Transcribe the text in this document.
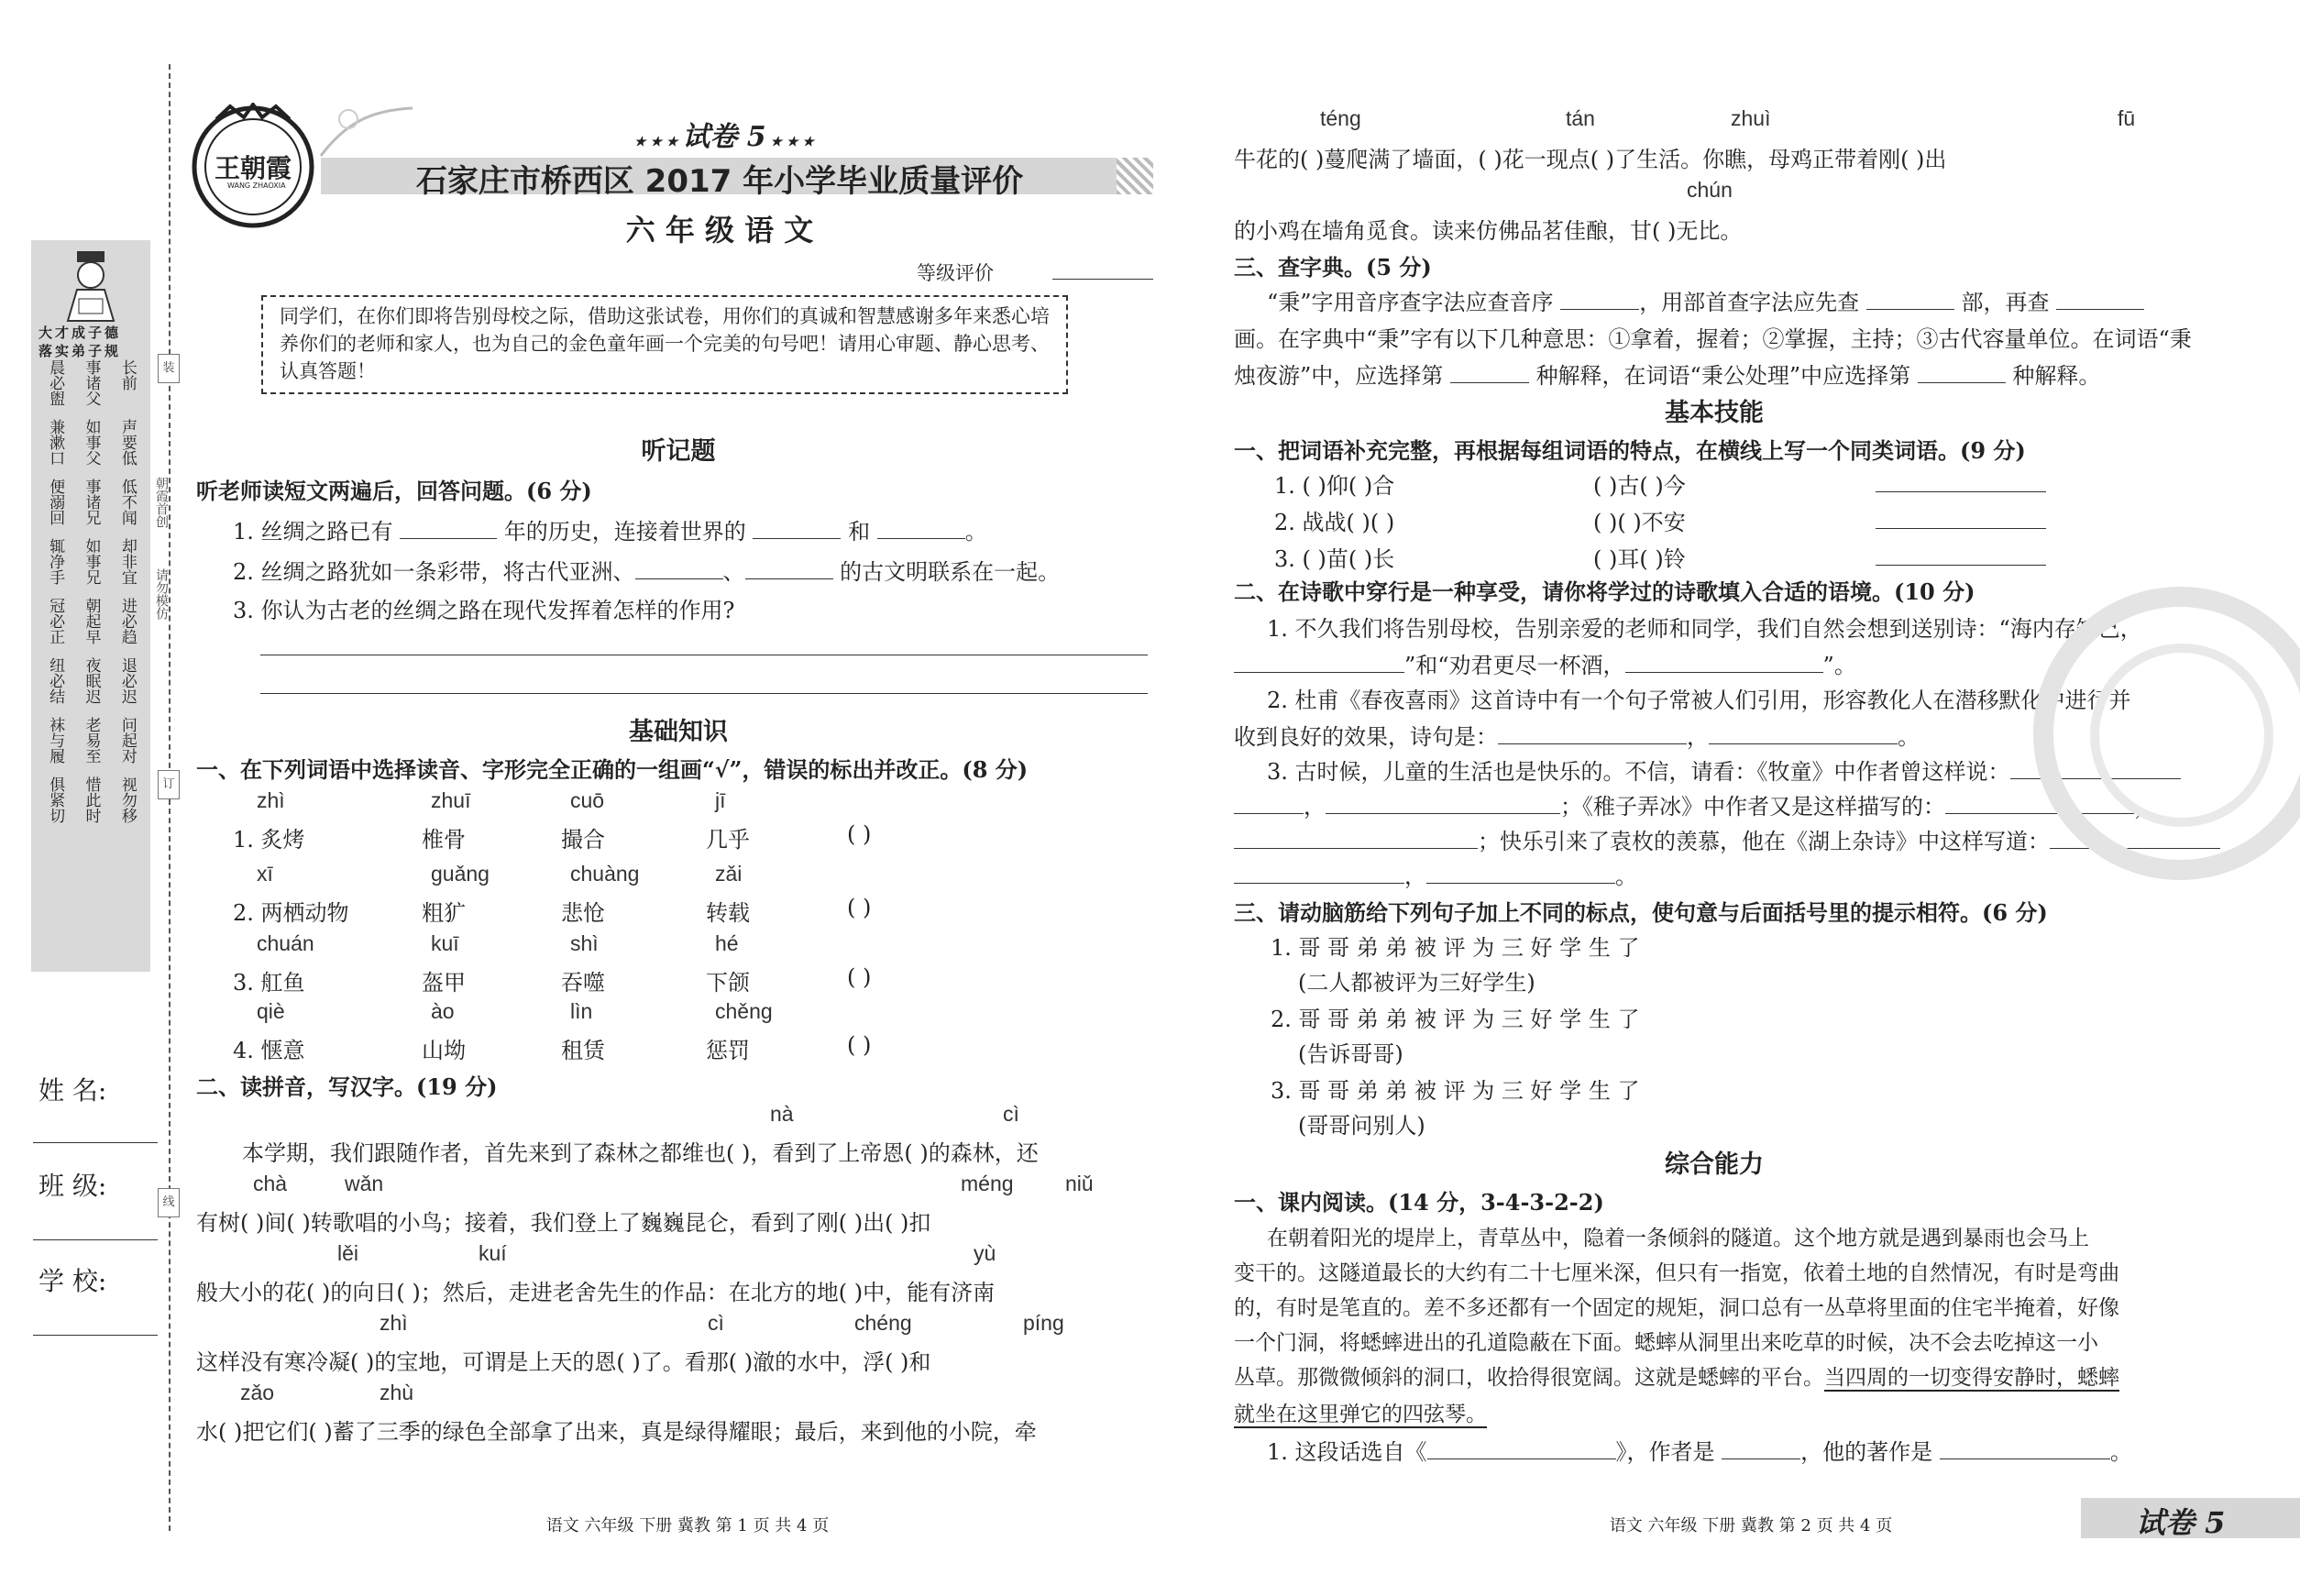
大才成子德
落实弟子规
晨必盥 事诸父 长前
兼漱口 如事父 声要低
便溺回 事诸兄 低不闻
辄净手 如事兄 却非宜
冠必正 朝起早 进必趋
纽必结 夜眠迟 退必迟
袜与履 老易至 问起对
俱紧切 惜此时 视勿移
朝霞首创
请勿模仿
装
订
线
姓 名:
班 级:
学 校:
王朝霞
WANG ZHAOXIA
★ ★ ★ 试卷 5 ★ ★ ★
石家庄市桥西区 2017 年小学毕业质量评价
六 年 级 语 文
等级评价
同学们，在你们即将告别母校之际，借助这张试卷，用你们的真诚和智慧感谢多年来悉心培养你们的老师和家人，也为自己的金色童年画一个完美的句号吧！请用心审题、静心思考、认真答题！
听记题
听老师读短文两遍后，回答问题。(6 分)
1. 丝绸之路已有	年的历史，连接着世界的	和	。
2. 丝绸之路犹如一条彩带，将古代亚洲、	、	的古文明联系在一起。
3. 你认为古老的丝绸之路在现代发挥着怎样的作用?
基础知识
一、在下列词语中选择读音、字形完全正确的一组画“√”，错误的标出并改正。(8 分)
二、读拼音，写汉字。(19 分)
三、查字典。(5 分)
“秉”字用音序查字法应查音序	，用部首查字法应先查	部，再查
画。在字典中“秉”字有以下几种意思：①拿着，握着；②掌握，主持；③古代容量单位。在词语“秉
烛夜游”中，应选择第	种解释，在词语“秉公处理”中应选择第	种解释。
基本技能
一、把词语补充完整，再根据每组词语的特点，在横线上写一个同类词语。(9 分)
二、在诗歌中穿行是一种享受，请你将学过的诗歌填入合适的语境。(10 分)
1. 不久我们将告别母校，告别亲爱的老师和同学，我们自然会想到送别诗：“海内存知己，
”和“劝君更尽一杯酒，	”。
2. 杜甫《春夜喜雨》这首诗中有一个句子常被人们引用，形容教化人在潜移默化中进行并
收到良好的效果，诗句是：	，	。
3. 古时候，儿童的生活也是快乐的。不信，请看：《牧童》中作者曾这样说：
，	；《稚子弄冰》中作者又是这样描写的：	，
；快乐引来了袁枚的羡慕，他在《湖上杂诗》中这样写道：
，	。
三、请动脑筋给下列句子加上不同的标点，使句意与后面括号里的提示相符。(6 分)
综合能力
一、课内阅读。(14 分，3-4-3-2-2)
在朝着阳光的堤岸上，青草丛中，隐着一条倾斜的隧道。这个地方就是遇到暴雨也会马上
变干的。这隧道最长的大约有二十七厘米深，但只有一指宽，依着土地的自然情况，有时是弯曲
的，有时是笔直的。差不多还都有一个固定的规矩，洞口总有一丛草将里面的住宅半掩着，好像
一个门洞，将蟋蟀进出的孔道隐蔽在下面。蟋蟀从洞里出来吃草的时候，决不会去吃掉这一小
丛草。那微微倾斜的洞口，收拾得很宽阔。这就是蟋蟀的平台。当四周的一切变得安静时，蟋蟀
就坐在这里弹它的四弦琴。
1. 这段话选自《	》，作者是	，他的著作是	。
语文 六年级 下册 冀教 第 1 页 共 4 页	语文 六年级 下册 冀教 第 2 页 共 4 页	试卷 5
zhì	zhuī	cuō	jī
1. 炙烤	椎骨	撮合	几乎	( )
xī	guǎng	chuàng	zǎi
2. 两栖动物	粗犷	悲怆	转载	( )
chuán	kuī	shì	hé
3. 舡鱼	盔甲	吞噬	下颌	( )
qiè	ào	lìn	chěng
4. 惬意	山坳	租赁	惩罚	( )
nà	cì
本学期，我们跟随作者，首先来到了森林之都维也( )，看到了上帝恩( )的森林，还
chà	wǎn	méng niǔ
有树( )间( )转歌唱的小鸟；接着，我们登上了巍巍昆仑，看到了刚( )出( )扣
lěi	kuí	yù
般大小的花( )的向日( )；然后，走进老舍先生的作品：在北方的地( )中，能有济南
zhì	cì	chéng	píng
这样没有寒冷凝( )的宝地，可谓是上天的恩( )了。看那( )澈的水中，浮( )和
zǎo	zhù
水( )把它们( )蓄了三季的绿色全部拿了出来，真是绿得耀眼；最后，来到他的小院，牵
téng	tán	zhuì	fū
牛花的( )蔓爬满了墙面，( )花一现点( )了生活。你瞧，母鸡正带着刚( )出
chún
的小鸡在墙角觅食。读来仿佛品茗佳酿，甘( )无比。
1. ( )仰( )合	( )古( )今
2. 战战( )( )	( )( )不安
3. ( )苗( )长	( )耳( )铃
1. 哥 哥 弟 弟 被 评 为 三 好 学 生 了
(二人都被评为三好学生)
2. 哥 哥 弟 弟 被 评 为 三 好 学 生 了
(告诉哥哥)
3. 哥 哥 弟 弟 被 评 为 三 好 学 生 了
(哥哥问别人)
